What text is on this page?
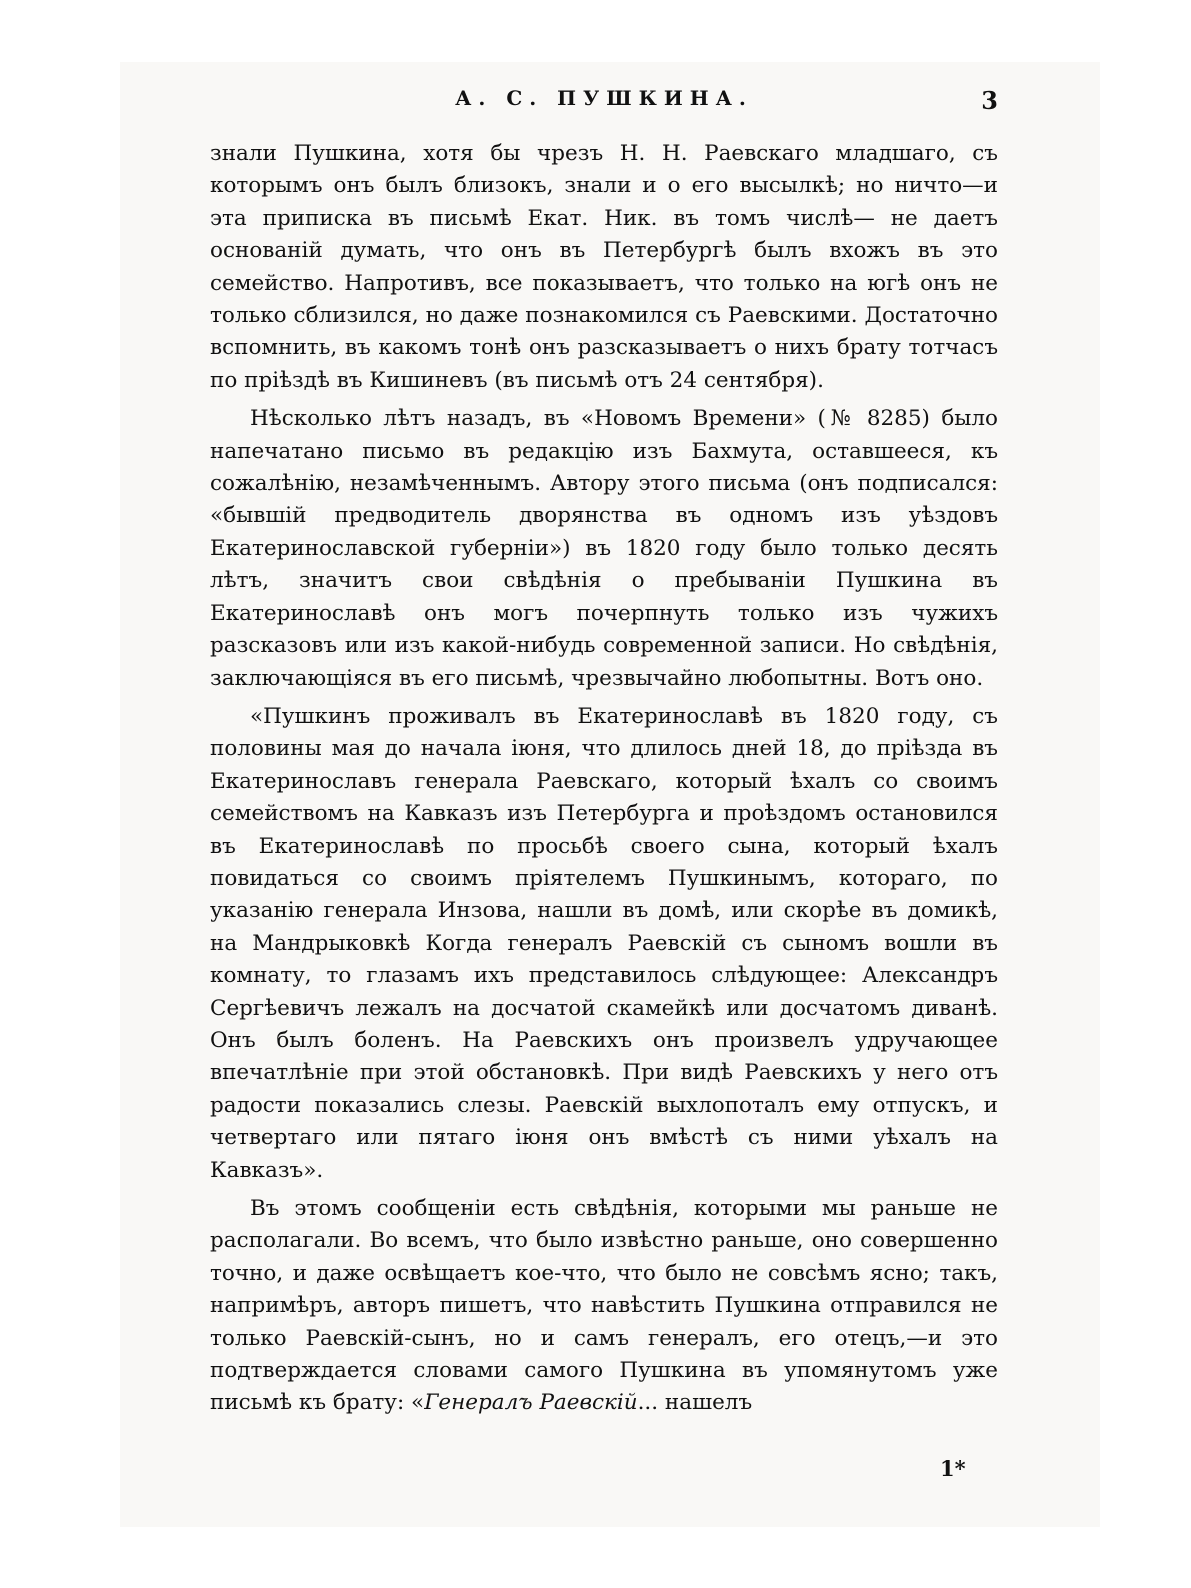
А. С. ПУШКИНА.	3

знали Пушкина, хотя бы чрезъ Н. Н. Раевскаго младшаго, съ которымъ онъ былъ близокъ, знали и о его высылкѣ; но ничто—и эта приписка въ письмѣ Екат. Ник. въ томъ числѣ— не даетъ основаній думать, что онъ въ Петербургѣ былъ вхожъ въ это семейство. Напротивъ, все показываетъ, что только на югѣ онъ не только сблизился, но даже познакомился съ Раевскими. Достаточно вспомнить, въ какомъ тонѣ онъ разсказываетъ о нихъ брату тотчасъ по пріѣздѣ въ Кишиневъ (въ письмѣ отъ 24 сентября).

Нѣсколько лѣтъ назадъ, въ «Новомъ Времени» (№ 8285) было напечатано письмо въ редакцію изъ Бахмута, оставшееся, къ сожалѣнію, незамѣченнымъ. Автору этого письма (онъ подписался: «бывшій предводитель дворянства въ одномъ изъ уѣздовъ Екатеринославской губерніи») въ 1820 году было только десять лѣтъ, значитъ свои свѣдѣнія о пребываніи Пушкина въ Екатеринославѣ онъ могъ почерпнуть только изъ чужихъ разсказовъ или изъ какой-нибудь современной записи. Но свѣдѣнія, заключающіяся въ его письмѣ, чрезвычайно любопытны. Вотъ оно.

«Пушкинъ проживалъ въ Екатеринославѣ въ 1820 году, съ половины мая до начала іюня, что длилось дней 18, до пріѣзда въ Екатеринославъ генерала Раевскаго, который ѣхалъ со своимъ семействомъ на Кавказъ изъ Петербурга и проѣздомъ остановился въ Екатеринославѣ по просьбѣ своего сына, который ѣхалъ повидаться со своимъ пріятелемъ Пушкинымъ, котораго, по указанію генерала Инзова, нашли въ домѣ, или скорѣе въ домикѣ, на Мандрыковкѣ Когда генералъ Раевскій съ сыномъ вошли въ комнату, то глазамъ ихъ представилось слѣдующее: Александръ Сергѣевичъ лежалъ на досчатой скамейкѣ или досчатомъ диванѣ. Онъ былъ боленъ. На Раевскихъ онъ произвелъ удручающее впечатлѣніе при этой обстановкѣ. При видѣ Раевскихъ у него отъ радости показались слезы. Раевскій выхлопоталъ ему отпускъ, и четвертаго или пятаго іюня онъ вмѣстѣ съ ними уѣхалъ на Кавказъ».

Въ этомъ сообщеніи есть свѣдѣнія, которыми мы раньше не располагали. Во всемъ, что было извѣстно раньше, оно совершенно точно, и даже освѣщаетъ кое-что, что было не совсѣмъ ясно; такъ, напримѣръ, авторъ пишетъ, что навѣстить Пушкина отправился не только Раевскій-сынъ, но и самъ генералъ, его отецъ,—и это подтверждается словами самого Пушкина въ упомянутомъ уже письмѣ къ брату: «Генералъ Раевскій... нашелъ

1*
